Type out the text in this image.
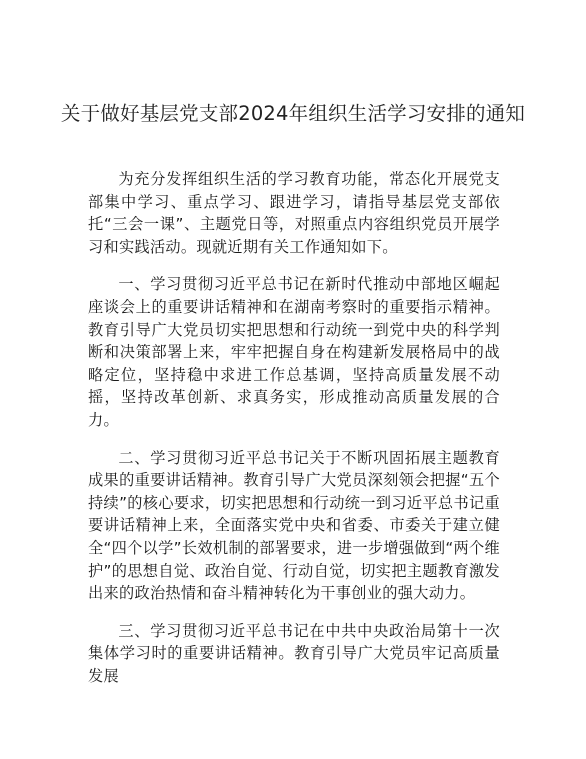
关于做好基层党支部2024年组织生活学习安排的通知

为充分发挥组织生活的学习教育功能，常态化开展党支部集中学习、重点学习、跟进学习，请指导基层党支部依托“三会一课”、主题党日等，对照重点内容组织党员开展学习和实践活动。现就近期有关工作通知如下。

一、学习贯彻习近平总书记在新时代推动中部地区崛起座谈会上的重要讲话精神和在湖南考察时的重要指示精神。教育引导广大党员切实把思想和行动统一到党中央的科学判断和决策部署上来，牢牢把握自身在构建新发展格局中的战略定位，坚持稳中求进工作总基调，坚持高质量发展不动摇，坚持改革创新、求真务实，形成推动高质量发展的合力。

二、学习贯彻习近平总书记关于不断巩固拓展主题教育成果的重要讲话精神。教育引导广大党员深刻领会把握“五个持续”的核心要求，切实把思想和行动统一到习近平总书记重要讲话精神上来，全面落实党中央和省委、市委关于建立健全“四个以学”长效机制的部署要求，进一步增强做到“两个维护”的思想自觉、政治自觉、行动自觉，切实把主题教育激发出来的政治热情和奋斗精神转化为干事创业的强大动力。

三、学习贯彻习近平总书记在中共中央政治局第十一次集体学习时的重要讲话精神。教育引导广大党员牢记高质量发展
